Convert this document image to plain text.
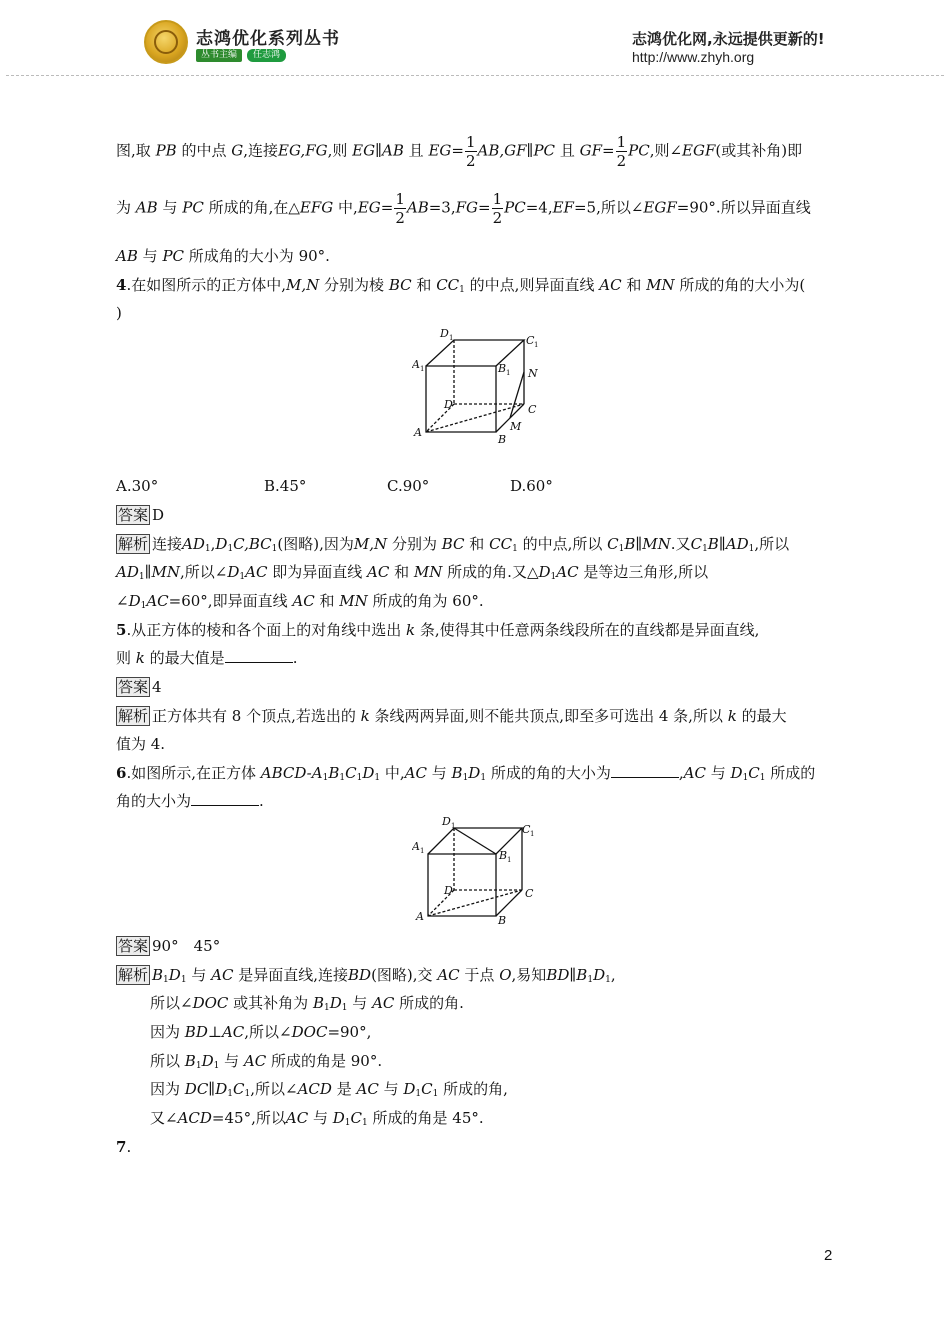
志鸿优化系列丛书
丛书主编	任志鸿
志鸿优化网,永远提供更新的!
http://www.zhyh.org
图,取 PB 的中点 G,连接EG,FG,则 EG∥AB 且 $EG= \frac{1}{2}$ AB,GF∥PC 且 $GF= \frac{1}{2}$ PC,则∠EGF(或其补角)即
为 AB 与 PC 所成的角,在△EFG 中$,EG= \frac{1}{2} AB=3,FG= \frac{1}{2} PC=4,EF=5$,所以∠EGF=90°.所以异面直线
AB 与 PC 所成角的大小为 90°.
4.在如图所示的正方体中,M,N 分别为棱 BC 和 $CC_1$ 的中点,则异面直线 AC 和 MN 所成的角的大小为(
)
D 1	C 1
A 1	B 1 N
D	C
A	M
B
A.30°	B.45°	C.90°	D.60°
答案 D
解析 连接$AD_1,D_1C,BC_1$(图略),因为M,N 分别为 BC 和 $CC_1$ 的中点,所以 $C_1B\parallel MN$.又$C_1B\parallel AD_1$,所以
$AD_1\parallel MN$,所以$\angle D_1AC$ 即为异面直线 AC 和 MN 所成的角.又$\triangle D_1AC$ 是等边三角形,所以
$\angle D_1AC=60^\circ$,即异面直线 AC 和 MN 所成的角为 60°.
5.从正方体的棱和各个面上的对角线中选出 k 条,使得其中任意两条线段所在的直线都是异面直线,
则 k 的最大值是	.
答案 4
解析 正方体共有 8 个顶点,若选出的 k 条线两两异面,则不能共顶点,即至多可选出 4 条,所以 k 的最大
值为 4.
6.如图所示,在正方体 ABCD-$A_1B_1C_1D_1$ 中,AC 与 $B_1D_1$ 所成的角的大小为	,AC 与 $D_1C_1$ 所成的
角的大小为	.
D 1	C 1
A 1	B 1
D	C
A	B
答案 90°　45°
解析 $B_1D_1$ 与 AC 是异面直线,连接BD(图略),交 AC 于点 O,易知$BD\parallel B_1D_1$,
所以∠DOC 或其补角为 $B_1D_1$ 与 AC 所成的角.
因为 BD⊥AC,所以∠DOC=90°,
所以 $B_1D_1$ 与 AC 所成的角是 90°.
因为 $DC\parallel D_1C_1$,所以∠ACD 是 AC 与 $D_1C_1$ 所成的角,
又∠ACD=45°,所以AC 与 $D_1C_1$ 所成的角是 45°.
7.
2
